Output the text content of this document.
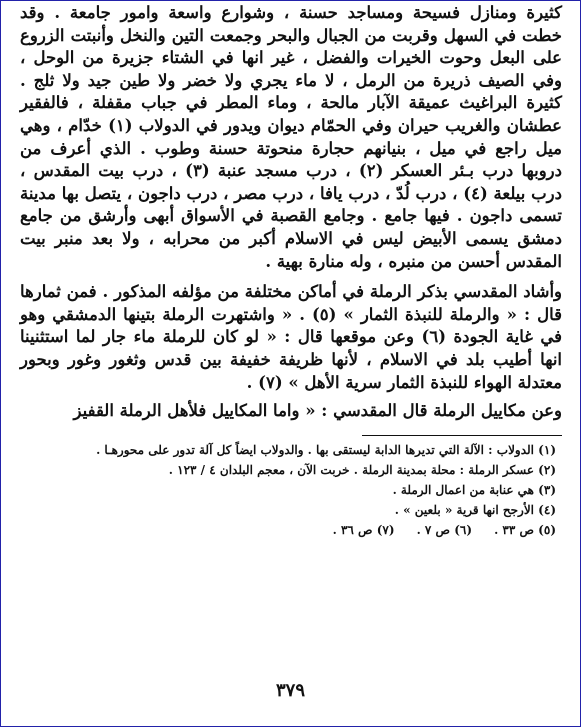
كثيرة ومنازل فسيحة ومساجد حسنة ، وشوارع واسعة وامور جامعة . وقد خطت في السهل وقربت من الجبال والبحر وجمعت التين والنخل وأنبتت الزروع على البعل وحوت الخيرات والفضل ، غير انها في الشتاء جزيرة من الوحل ، وفي الصيف ذريرة من الرمل ، لا ماء يجري ولا خضر ولا طين جيد ولا ثلج . كثيرة البراغيث عميقة الآبار مالحة ، وماء المطر في جباب مقفلة ، فالفقير عطشان والغريب حيران وفي الحمّام ديوان ويدور في الدولاب (١) خدّام ، وهي ميل راجع في ميل ، بنيانهم حجارة منحوتة حسنة وطوب . الذي أعرف من دروبها درب بـئر العسكر (٢) ، درب مسجد عنبة (٣) ، درب بيت المقدس ، درب بيلعة (٤) ، درب لُدّ ، درب يافا ، درب مصر ، درب داجون ، يتصل بها مدينة تسمى داجون . فيها جامع . وجامع القصبة في الأسواق أبهى وأرشق من جامع دمشق يسمى الأبيض ليس في الاسلام أكبر من محرابه ، ولا بعد منبر بيت المقدس أحسن من منبره ، وله منارة بهية .

وأشاد المقدسي بذكر الرملة في أماكن مختلفة من مؤلفه المذكور . فمن ثمارها قال : « والرملة للنبذة الثمار » (٥) . « واشتهرت الرملة بتينها الدمشقي وهو في غاية الجودة (٦) وعن موقعها قال : « لو كان للرملة ماء جار لما استثنينا انها أطيب بلد في الاسلام ، لأنها ظريفة خفيفة بين قدس وثغور وغور وبحور معتدلة الهواء للنبذة الثمار سرية الأهل » (٧) .

وعن مكاييل الرملة قال المقدسي : « واما المكاييل فلأهل الرملة القفيز

(١) الدولاب : الآلة التي تديرها الدابة ليستقى بها . والدولاب ايضاً كل آلة تدور على محورهـا .

(٢) عسكر الرملة : محلة بمدينة الرملة . خربت الآن ، معجم البلدان ٤ / ١٢٣ .

(٣) هي عنابة من اعمال الرملة .

(٤) الأرجح انها قرية « بلعين » .

(٥) ص ٣٣ .
(٦) ص ٧ .
(٧) ص ٣٦ .
٣٧٩
